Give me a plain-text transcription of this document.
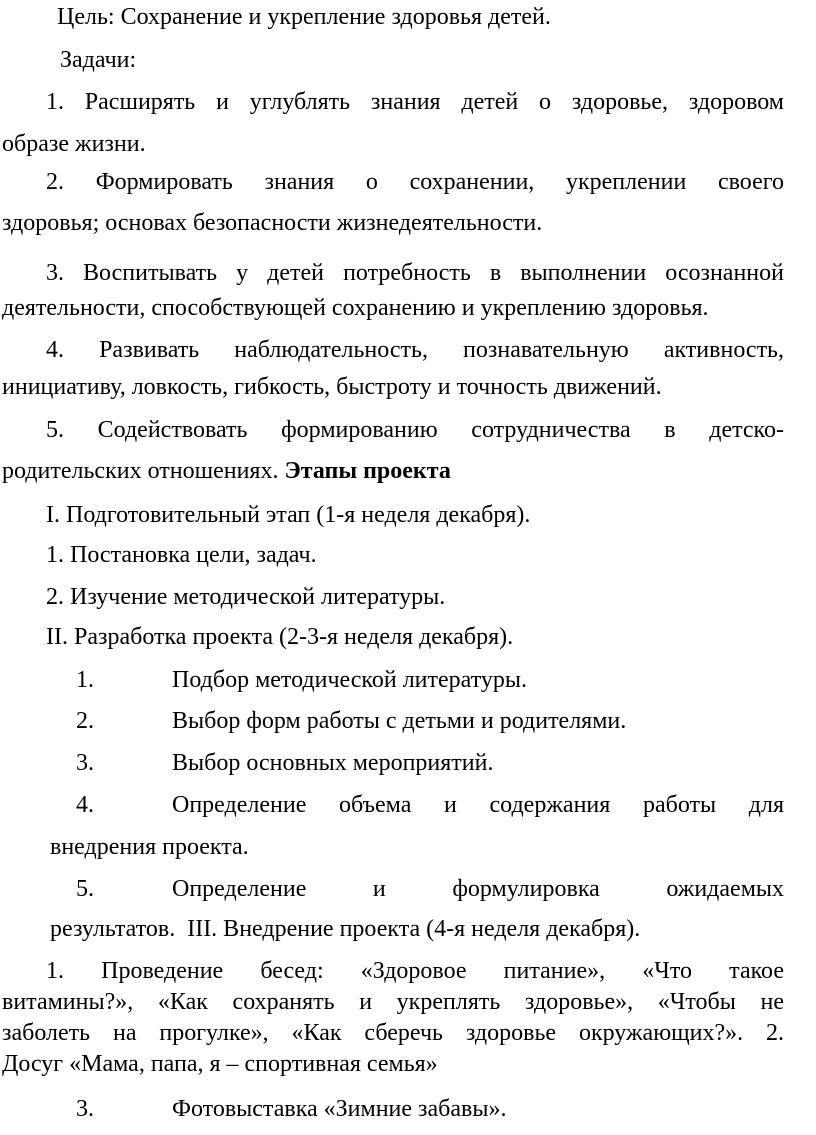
Цель: Сохранение и укрепление здоровья детей.
Задачи:
1. Расширять и углублять знания детей о здоровье, здоровом
образе жизни.
2. Формировать знания о сохранении, укреплении своего
здоровья; основах безопасности жизнедеятельности.
3. Воспитывать у детей потребность в выполнении осознанной
деятельности, способствующей сохранению и укреплению здоровья.
4. Развивать наблюдательность, познавательную активность,
инициативу, ловкость, гибкость, быстроту и точность движений.
5. Содействовать формированию сотрудничества в детско-
родительских отношениях. Этапы проекта
I. Подготовительный этап (1-я неделя декабря).
1. Постановка цели, задач.
2. Изучение методической литературы.
II. Разработка проекта (2-3-я неделя декабря).
1.	Подбор методической литературы.
2.	Выбор форм работы с детьми и родителями.
3.	Выбор основных мероприятий.
4.	Определение объема и содержания работы для
внедрения проекта.
5.	Определение и формулировка ожидаемых
результатов. III. Внедрение проекта (4-я неделя декабря).
1. Проведение бесед: «Здоровое питание», «Что такое
витамины?», «Как сохранять и укреплять здоровье», «Чтобы не
заболеть на прогулке», «Как сберечь здоровье окружающих?». 2.
Досуг «Мама, папа, я – спортивная семья»
3.	Фотовыставка «Зимние забавы».
